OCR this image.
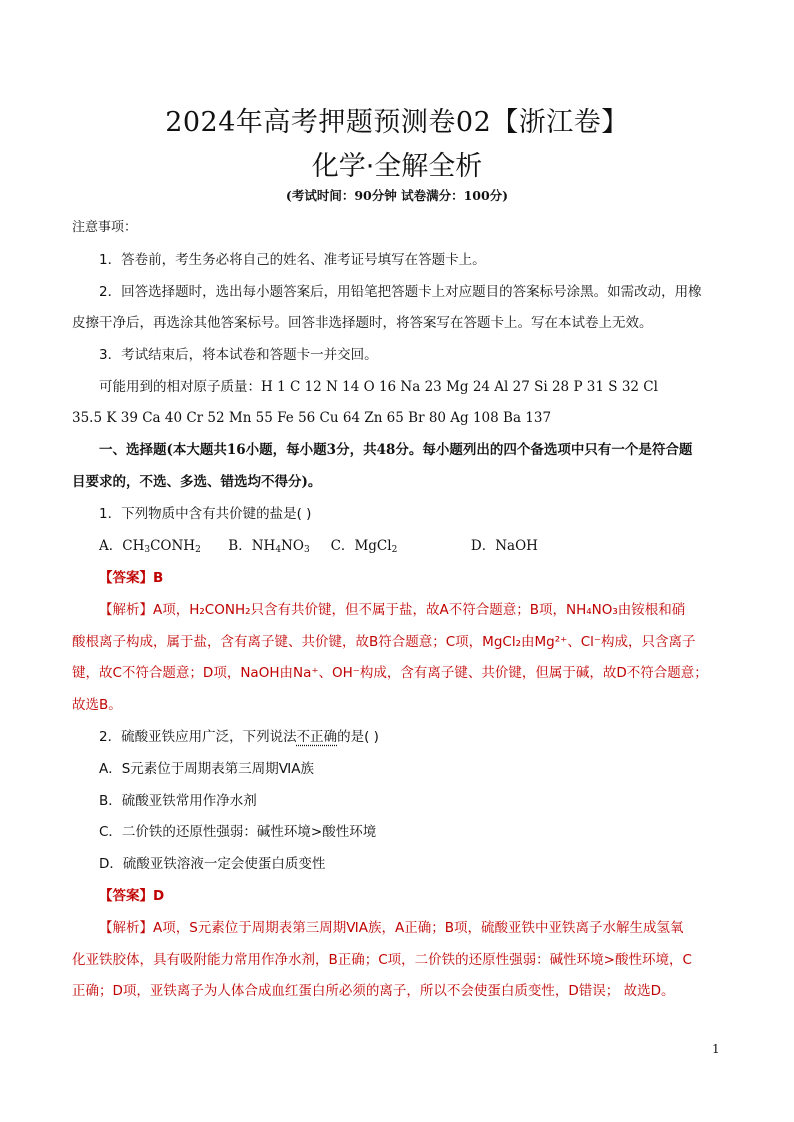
2024年高考押题预测卷02【浙江卷】
化学·全解全析
(考试时间：90分钟 试卷满分：100分)
注意事项：
1．答卷前，考生务必将自己的姓名、准考证号填写在答题卡上。
2．回答选择题时，选出每小题答案后，用铅笔把答题卡上对应题目的答案标号涂黑。如需改动，用橡
皮擦干净后，再选涂其他答案标号。回答非选择题时，将答案写在答题卡上。写在本试卷上无效。
3．考试结束后，将本试卷和答题卡一并交回。
可能用到的相对原子质量：H 1 C 12 N 14 O 16 Na 23 Mg 24 Al 27 Si 28 P 31 S 32 Cl
35.5 K 39 Ca 40 Cr 52 Mn 55 Fe 56 Cu 64 Zn 65 Br 80 Ag 108 Ba 137
一、选择题(本大题共16小题，每小题3分，共48分。每小题列出的四个备选项中只有一个是符合题
目要求的，不选、多选、错选均不得分)。
1．下列物质中含有共价键的盐是( )
A．$CH_3CONH_2$ B．$NH_4NO_3$ C．MgCl$_2$	D．NaOH
【答案】B
【解析】A项，H₂CONH₂只含有共价键，但不属于盐，故A不符合题意；B项，NH₄NO₃由铵根和硝
酸根离子构成，属于盐，含有离子键、共价键，故B符合题意；C项，MgCl₂由Mg²⁺、Cl⁻构成，只含离子
键，故C不符合题意；D项，NaOH由Na⁺、OH⁻构成，含有离子键、共价键，但属于碱，故D不符合题意；
故选B。
2．硫酸亚铁应用广泛，下列说法不正确的是( )
A．S元素位于周期表第三周期ⅥA族
B．硫酸亚铁常用作净水剂
C．二价铁的还原性强弱：碱性环境>酸性环境
D．硫酸亚铁溶液一定会使蛋白质变性
【答案】D
【解析】A项，S元素位于周期表第三周期ⅥA族，A正确；B项，硫酸亚铁中亚铁离子水解生成氢氧
化亚铁胶体，具有吸附能力常用作净水剂，B正确；C项，二价铁的还原性强弱：碱性环境>酸性环境，C
正确；D项，亚铁离子为人体合成血红蛋白所必须的离子，所以不会使蛋白质变性，D错误； 故选D。
1
